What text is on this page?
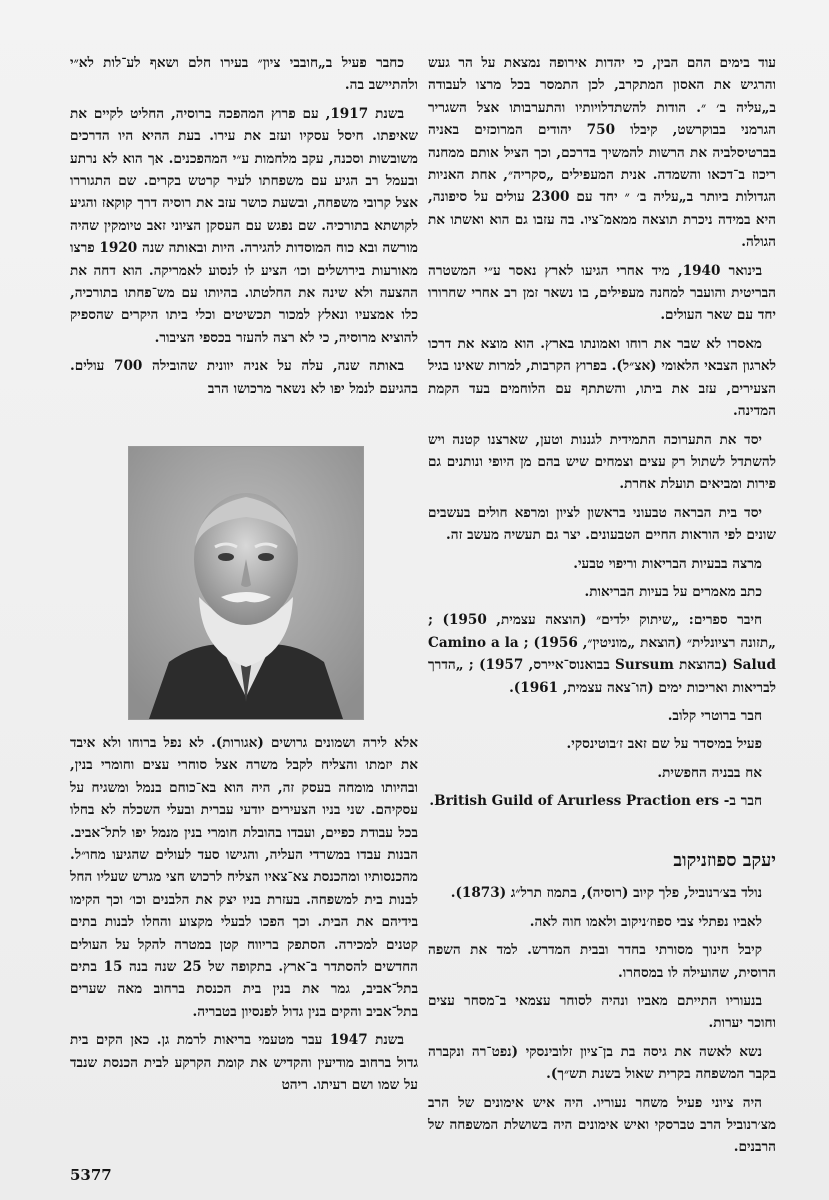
עוד בימים ההם הבין, כי יהדות אירופה נמצאת על הר געש והרגיש את האסון המתקרב, לכן התמסר בכל מרצו לעבודה ב„עליה ב׳ ״. הודות להשתדלויותיו והתערבותו אצל השגריר הגרמני בבוקרשט, קיבלו 750 יהודים המרוכזים באניה בברטיסלביה את הרשות להמשיך בדרכם, וכך הציל אותם ממחנה ריכוז ב־דכאו והשמדה. אנית המעפילים „סקריה״, אחת האניות הגדולות ביותר ב„עליה ב׳ ״ יחד עם 2300 עולים על סיפונה, היא במידה ניכרת תוצאה ממאמ־ציו. בה עזבו גם הוא ואשתו את הגולה.

בינואר 1940, מיד אחרי הגיעו לארץ נאסר ע״י המשטרה הבריטית והועבר למחנה מעפילים, בו נשאר זמן רב אחרי שחרורו יחד עם שאר העולים.

מאסרו לא שבר את רוחו ואמונתו בארץ. הוא מוצא את דרכו לארגון הצבאי הלאומי (אצ״ל). בפרוץ הקרבות, למרות שאינו בגיל הצעירים, עזב את ביתו, והשתתף עם הלוחמים בעד הקמת המדינה.

יסד את התערוכה התמידית לגננות וטען, שארצנו קטנה ויש להשתדל לשתול רק עצים וצמחים שיש בהם מן היופי ונותנים גם פירות ומביאים תועלת אחרת.

יסד בית הבראה טבעוני בראשון לציון ומרפא חולים בעשבים שונים לפי הוראות החיים הטבעונים. יצר גם תעשיה מעשב זה.

מרצה בבעיות הבריאות וריפוי טבעי.

כתב מאמרים על בעיות הבריאות.

חיבר ספרים: „שיתוק ילדים״ (הוצאה עצמית, 1950) ; „תזונה רציונלית״ (הוצאת „מוניטין״, 1956) ; Camino a la Salud (בהוצאת Sursum בבואנוס־איירס, 1957) ; „הדרך לבריאות ואריכות ימים (הו־צאה עצמית, 1961).

חבר ברוטרי קלוב.

פעיל במיסדר על שם זאב ז׳בוטינסקי.

אח בבניה החפשית.

חבר ב- British Guild of Arurless Praction ers.

כחבר פעיל ב„חובבי ציון״ בעירו חלם ושאף לע־לות לא״י ולהתיישב בה.

בשנת 1917, עם פרוץ המהפכה ברוסיה, החליט לקיים את שאיפתו. חיסל עסקיו ועזב את עירו. בעת ההיא היו הדרכים משובשות וסכנה, עקב מלחמות ע״י המהפכנים. אך הוא לא נרתע ובעמל רב הגיע עם משפחתו לעיר קרטש בקרים. שם התגוררו אצל קרובי משפחה, ובשעת כושר עזב את רוסיה דרך קוקאז והגיע לקושתא בתורכיה. שם נפגש עם העסקן הציוני זאב טיומקין שהיה מורשה ובא כוח המוסדות להגירה. היות ובאותה שנה 1920 פרצו מאורעות בירושלים וכו׳ הציע לו לנסוע לאמריקה. הוא דחה את ההצעה ולא שינה את החלטתו. בהיותו עם מש־פחתו בתורכיה, כלו אמצעיו ונאלץ למכור תכשיטים וכלי ביתו היקרים שהספיק להוציא מרוסיה, כי לא רצה להעזר בכספי הציבור.

באותה שנה, עלה על אניה יוונית שהובילה 700 עולים. בהגיעם לנמל יפו לא נשאר מרכושו הרב

אלא לירה ושמונים גרושים (אגורות). לא נפל ברוחו ולא איבד את יזמתו והצליח לקבל משרה אצל סוחרי עצים וחומרי בנין, ובהיותו מומחה בעסק זה, היה הוא בא־כוחם בנמל ומשגיח על עסקיהם. שני בניו הצעירים יודעי עברית ובעלי השכלה לא בחלו בכל עבודת כפיים, ועבדו בהובלת חומרי בנין מנמל יפו לתל־אביב. הבנות עבדו במשרדי העליה, והגישו סעד לעולים שהגיעו מחו״ל. מהכנסותיו ומהכנסת צא־צאיו הצליח לרכוש חצי מגרש שעליו החל לבנות בית למשפחה. בעזרת בניו יצק את הלבנים וכו׳ וכך הקימו בידיהם את הבית. וכך הפכו לבעלי מקצוע והחלו לבנות בתים קטנים למכירה. הסתפק בריווח קטן במטרה להקל על העולים החדשים להסתדר ב־ארץ. בתקופה של 25 שנה בנה 15 בתים בתל־אביב, גמר את בנין בית הכנסת ברחוב מאה שערים בתל־אביב והקים בנין גדול לפנסיון בטבריה.

בשנת 1947 עבר מטעמי בריאות לרמת גן. כאן הקים בית גדול ברחוב מודיעין והקדיש את קומת הקרקע לבית הכנסת שנבד על שמו ושם רעיתו. ריהט

יעקב ספוזניקוב

נולד בצ׳רנוביל, פלך קיוב (רוסיה), בתמוז תרל״ג (1873).

לאביו נפתלי צבי ספוז׳ניקוב ולאמו חוה לאה.

קיבל חינוך מסורתי בחדר ובבית המדרש. למד את השפה הרוסית, שהועילה לו במסחרו.

בנעוריו התייתם מאביו ונהיה לסוחר עצמאי ב־מסחר עצים וחוכר יערות.

נשא לאשה את גיסה בת בן־ציון זלובינסקי (נפט־רה ונקברה בקבר המשפחה בקרית שאול בשנת תש״ך).

היה ציוני פעיל משחר נעוריו. היה איש אימונים של הרב מצ׳רנוביל הרב טברסקי ואיש אימונים היה בשושלת המשפחה של הרבנים.

5377
